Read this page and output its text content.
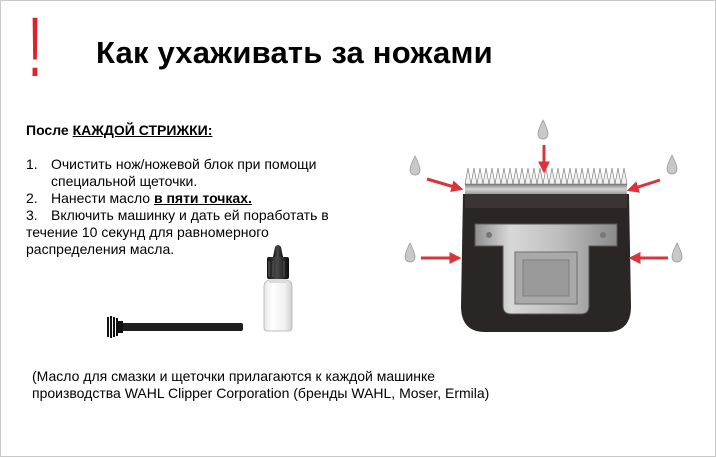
! Как ухаживать за ножами
После КАЖДОЙ СТРИЖКИ:
1. Очистить нож/ножевой блок при помощи
специальной щеточки.
2. Нанести масло в пяти точках.
3. Включить машинку и дать ей поработать в
течение 10 секунд для равномерного
распределения масла.
(Масло для смазки и щеточки прилагаются к каждой машинке
производства WAHL Clipper Corporation (бренды WAHL, Moser, Ermila)
